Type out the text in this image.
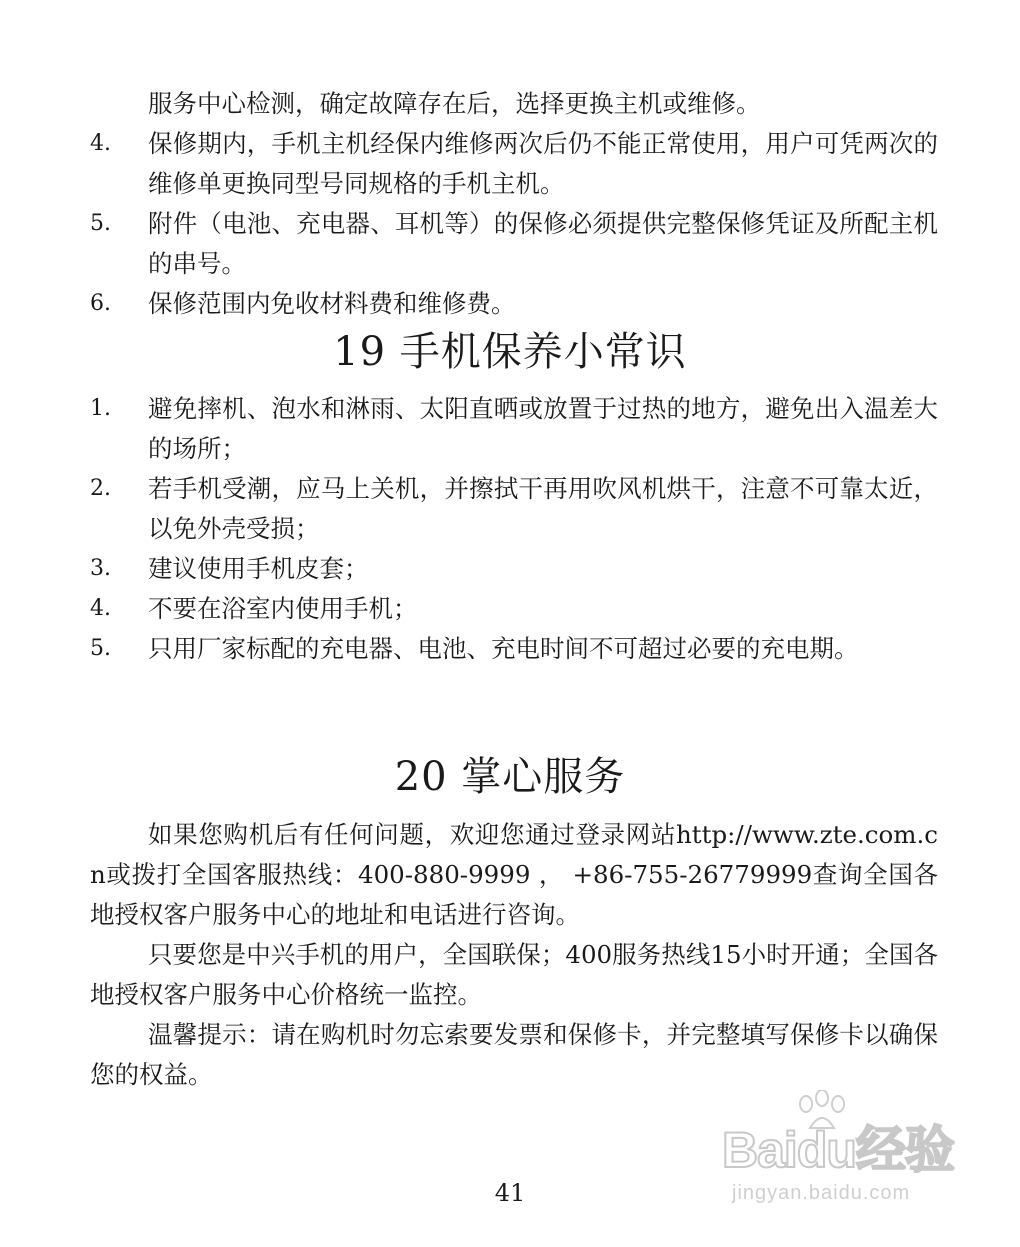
服务中心检测，确定故障存在后，选择更换主机或维修。
4.	保修期内，手机主机经保内维修两次后仍不能正常使用，用户可凭两次的维修单更换同型号同规格的手机主机。
5.	附件（电池、充电器、耳机等）的保修必须提供完整保修凭证及所配主机的串号。
6.	保修范围内免收材料费和维修费。
19 手机保养小常识
1.	避免摔机、泡水和淋雨、太阳直晒或放置于过热的地方，避免出入温差大的场所；
2.	若手机受潮，应马上关机，并擦拭干再用吹风机烘干，注意不可靠太近，以免外壳受损；
3.	建议使用手机皮套；
4.	不要在浴室内使用手机；
5.	只用厂家标配的充电器、电池、充电时间不可超过必要的充电期。
20 掌心服务
如果您购机后有任何问题，欢迎您通过登录网站http://www.zte.com.cn或拨打全国客服热线：400-880-9999 ， +86-755-26779999查询全国各地授权客户服务中心的地址和电话进行咨询。
只要您是中兴手机的用户，全国联保；400服务热线15小时开通；全国各地授权客户服务中心价格统一监控。
温馨提示：请在购机时勿忘索要发票和保修卡，并完整填写保修卡以确保您的权益。
41
Baidu经验
jingyan.baidu.com
